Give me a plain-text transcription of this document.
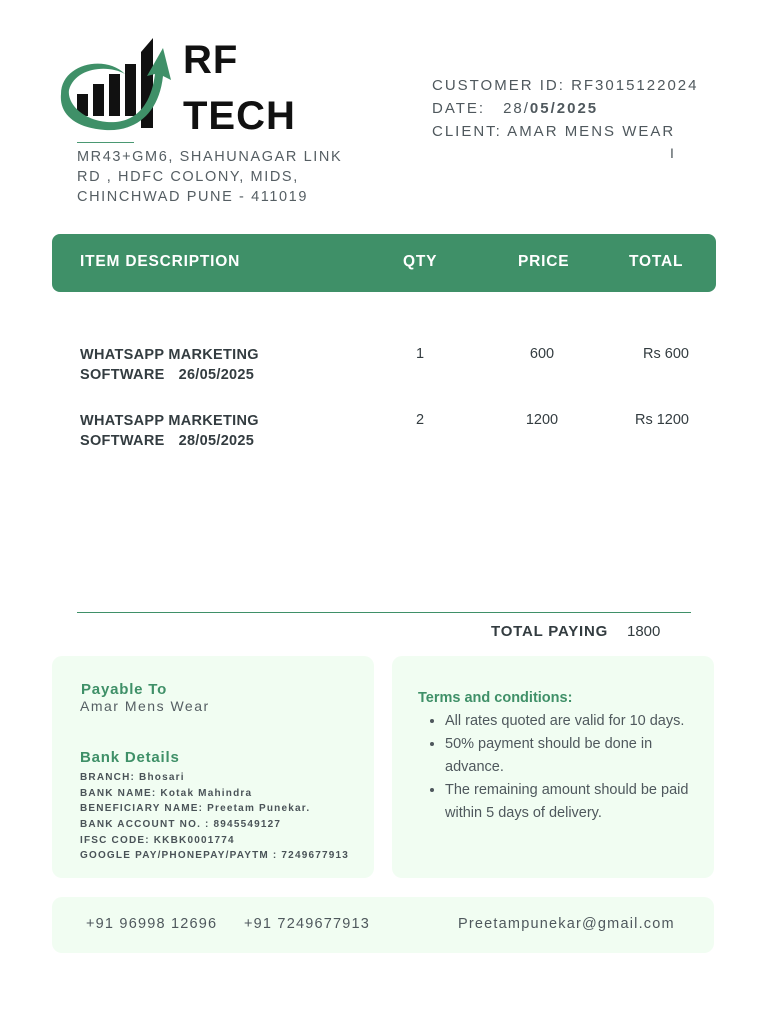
RF
TECH
MR43+GM6, SHAHUNAGAR LINK
RD , HDFC COLONY, MIDS,
CHINCHWAD PUNE - 411019
CUSTOMER ID: RF3015122024
DATE: 28/05/2025
CLIENT: AMAR MENS WEAR
I
ITEM DESCRIPTION	QTY	PRICE	TOTAL
WHATSAPP MARKETING
SOFTWARE 26/05/2025
1	600	Rs 600
WHATSAPP MARKETING
SOFTWARE 28/05/2025
2	1200	Rs 1200
TOTAL PAYING 1800
Payable To
Amar Mens Wear
Bank Details
BRANCH: Bhosari
BANK NAME: Kotak Mahindra
BENEFICIARY NAME: Preetam Punekar.
BANK ACCOUNT NO. : 8945549127
IFSC CODE: KKBK0001774
GOOGLE PAY/PHONEPAY/PAYTM : 7249677913
Terms and conditions:
• All rates quoted are valid for 10 days.
• 50% payment should be done in advance.
• The remaining amount should be paid within 5 days of delivery.
+91 96998 12696 +91 7249677913	Preetampunekar@gmail.com
